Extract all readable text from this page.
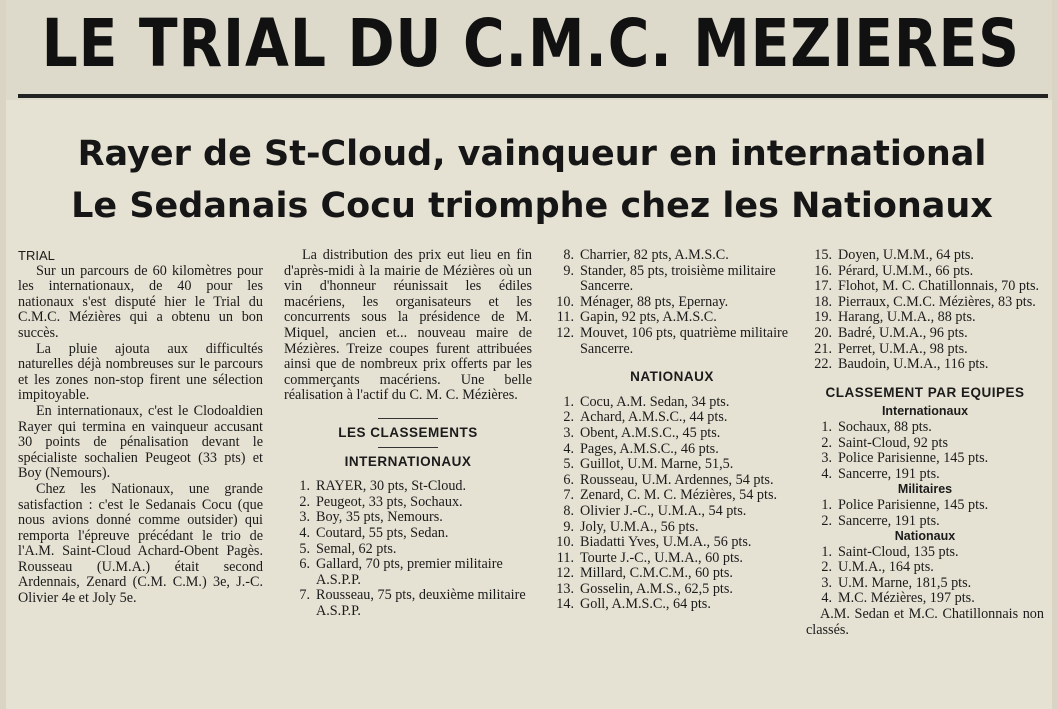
LE TRIAL DU C.M.C. MEZIERES
Rayer de St-Cloud, vainqueur en international
Le Sedanais Cocu triomphe chez les Nationaux

TRIAL

Sur un parcours de 60 kilomètres pour les internationaux, de 40 pour les nationaux s'est disputé hier le Trial du C.M.C. Mézières qui a obtenu un bon succès.

La pluie ajouta aux difficultés naturelles déjà nombreuses sur le parcours et les zones non-stop firent une sélection impitoyable.

En internationaux, c'est le Clodoaldien Rayer qui termina en vainqueur accusant 30 points de pénalisation devant le spécialiste sochalien Peugeot (33 pts) et Boy (Nemours).

Chez les Nationaux, une grande satisfaction : c'est le Sedanais Cocu (que nous avions donné comme outsider) qui remporta l'épreuve précédant le trio de l'A.M. Saint-Cloud Achard-Obent Pagès. Rousseau (U.M.A.) était second Ardennais, Zenard (C.M. C.M.) 3e, J.-C. Olivier 4e et Joly 5e.

La distribution des prix eut lieu en fin d'après-midi à la mairie de Mézières où un vin d'honneur réunissait les édiles macériens, les organisateurs et les concurrents sous la présidence de M. Miquel, ancien et... nouveau maire de Mézières. Treize coupes furent attribuées ainsi que de nombreux prix offerts par les commerçants macériens. Une belle réalisation à l'actif du C. M. C. Mézières.

LES CLASSEMENTS
INTERNATIONAUX
1. RAYER, 30 pts, St-Cloud.
2. Peugeot, 33 pts, Sochaux.
3. Boy, 35 pts, Nemours.
4. Coutard, 55 pts, Sedan.
5. Semal, 62 pts.
6. Gallard, 70 pts, premier militaire A.S.P.P.
7. Rousseau, 75 pts, deuxième militaire A.S.P.P.
8. Charrier, 82 pts, A.M.S.C.
9. Stander, 85 pts, troisième militaire Sancerre.
10. Ménager, 88 pts, Epernay.
11. Gapin, 92 pts, A.M.S.C.
12. Mouvet, 106 pts, quatrième militaire Sancerre.
NATIONAUX
1. Cocu, A.M. Sedan, 34 pts.
2. Achard, A.M.S.C., 44 pts.
3. Obent, A.M.S.C., 45 pts.
4. Pages, A.M.S.C., 46 pts.
5. Guillot, U.M. Marne, 51,5.
6. Rousseau, U.M. Ardennes, 54 pts.
7. Zenard, C. M. C. Mézières, 54 pts.
8. Olivier J.-C., U.M.A., 54 pts.
9. Joly, U.M.A., 56 pts.
10. Biadatti Yves, U.M.A., 56 pts.
11. Tourte J.-C., U.M.A., 60 pts.
12. Millard, C.M.C.M., 60 pts.
13. Gosselin, A.M.S., 62,5 pts.
14. Goll, A.M.S.C., 64 pts.
15. Doyen, U.M.M., 64 pts.
16. Pérard, U.M.M., 66 pts.
17. Flohot, M. C. Chatillonnais, 70 pts.
18. Pierraux, C.M.C. Mézières, 83 pts.
19. Harang, U.M.A., 88 pts.
20. Badré, U.M.A., 96 pts.
21. Perret, U.M.A., 98 pts.
22. Baudoin, U.M.A., 116 pts.
CLASSEMENT PAR EQUIPES
Internationaux
1. Sochaux, 88 pts.
2. Saint-Cloud, 92 pts
3. Police Parisienne, 145 pts.
4. Sancerre, 191 pts.
Militaires
1. Police Parisienne, 145 pts.
2. Sancerre, 191 pts.
Nationaux
1. Saint-Cloud, 135 pts.
2. U.M.A., 164 pts.
3. U.M. Marne, 181,5 pts.
4. M.C. Mézières, 197 pts.

A.M. Sedan et M.C. Chatillonnais non classés.
